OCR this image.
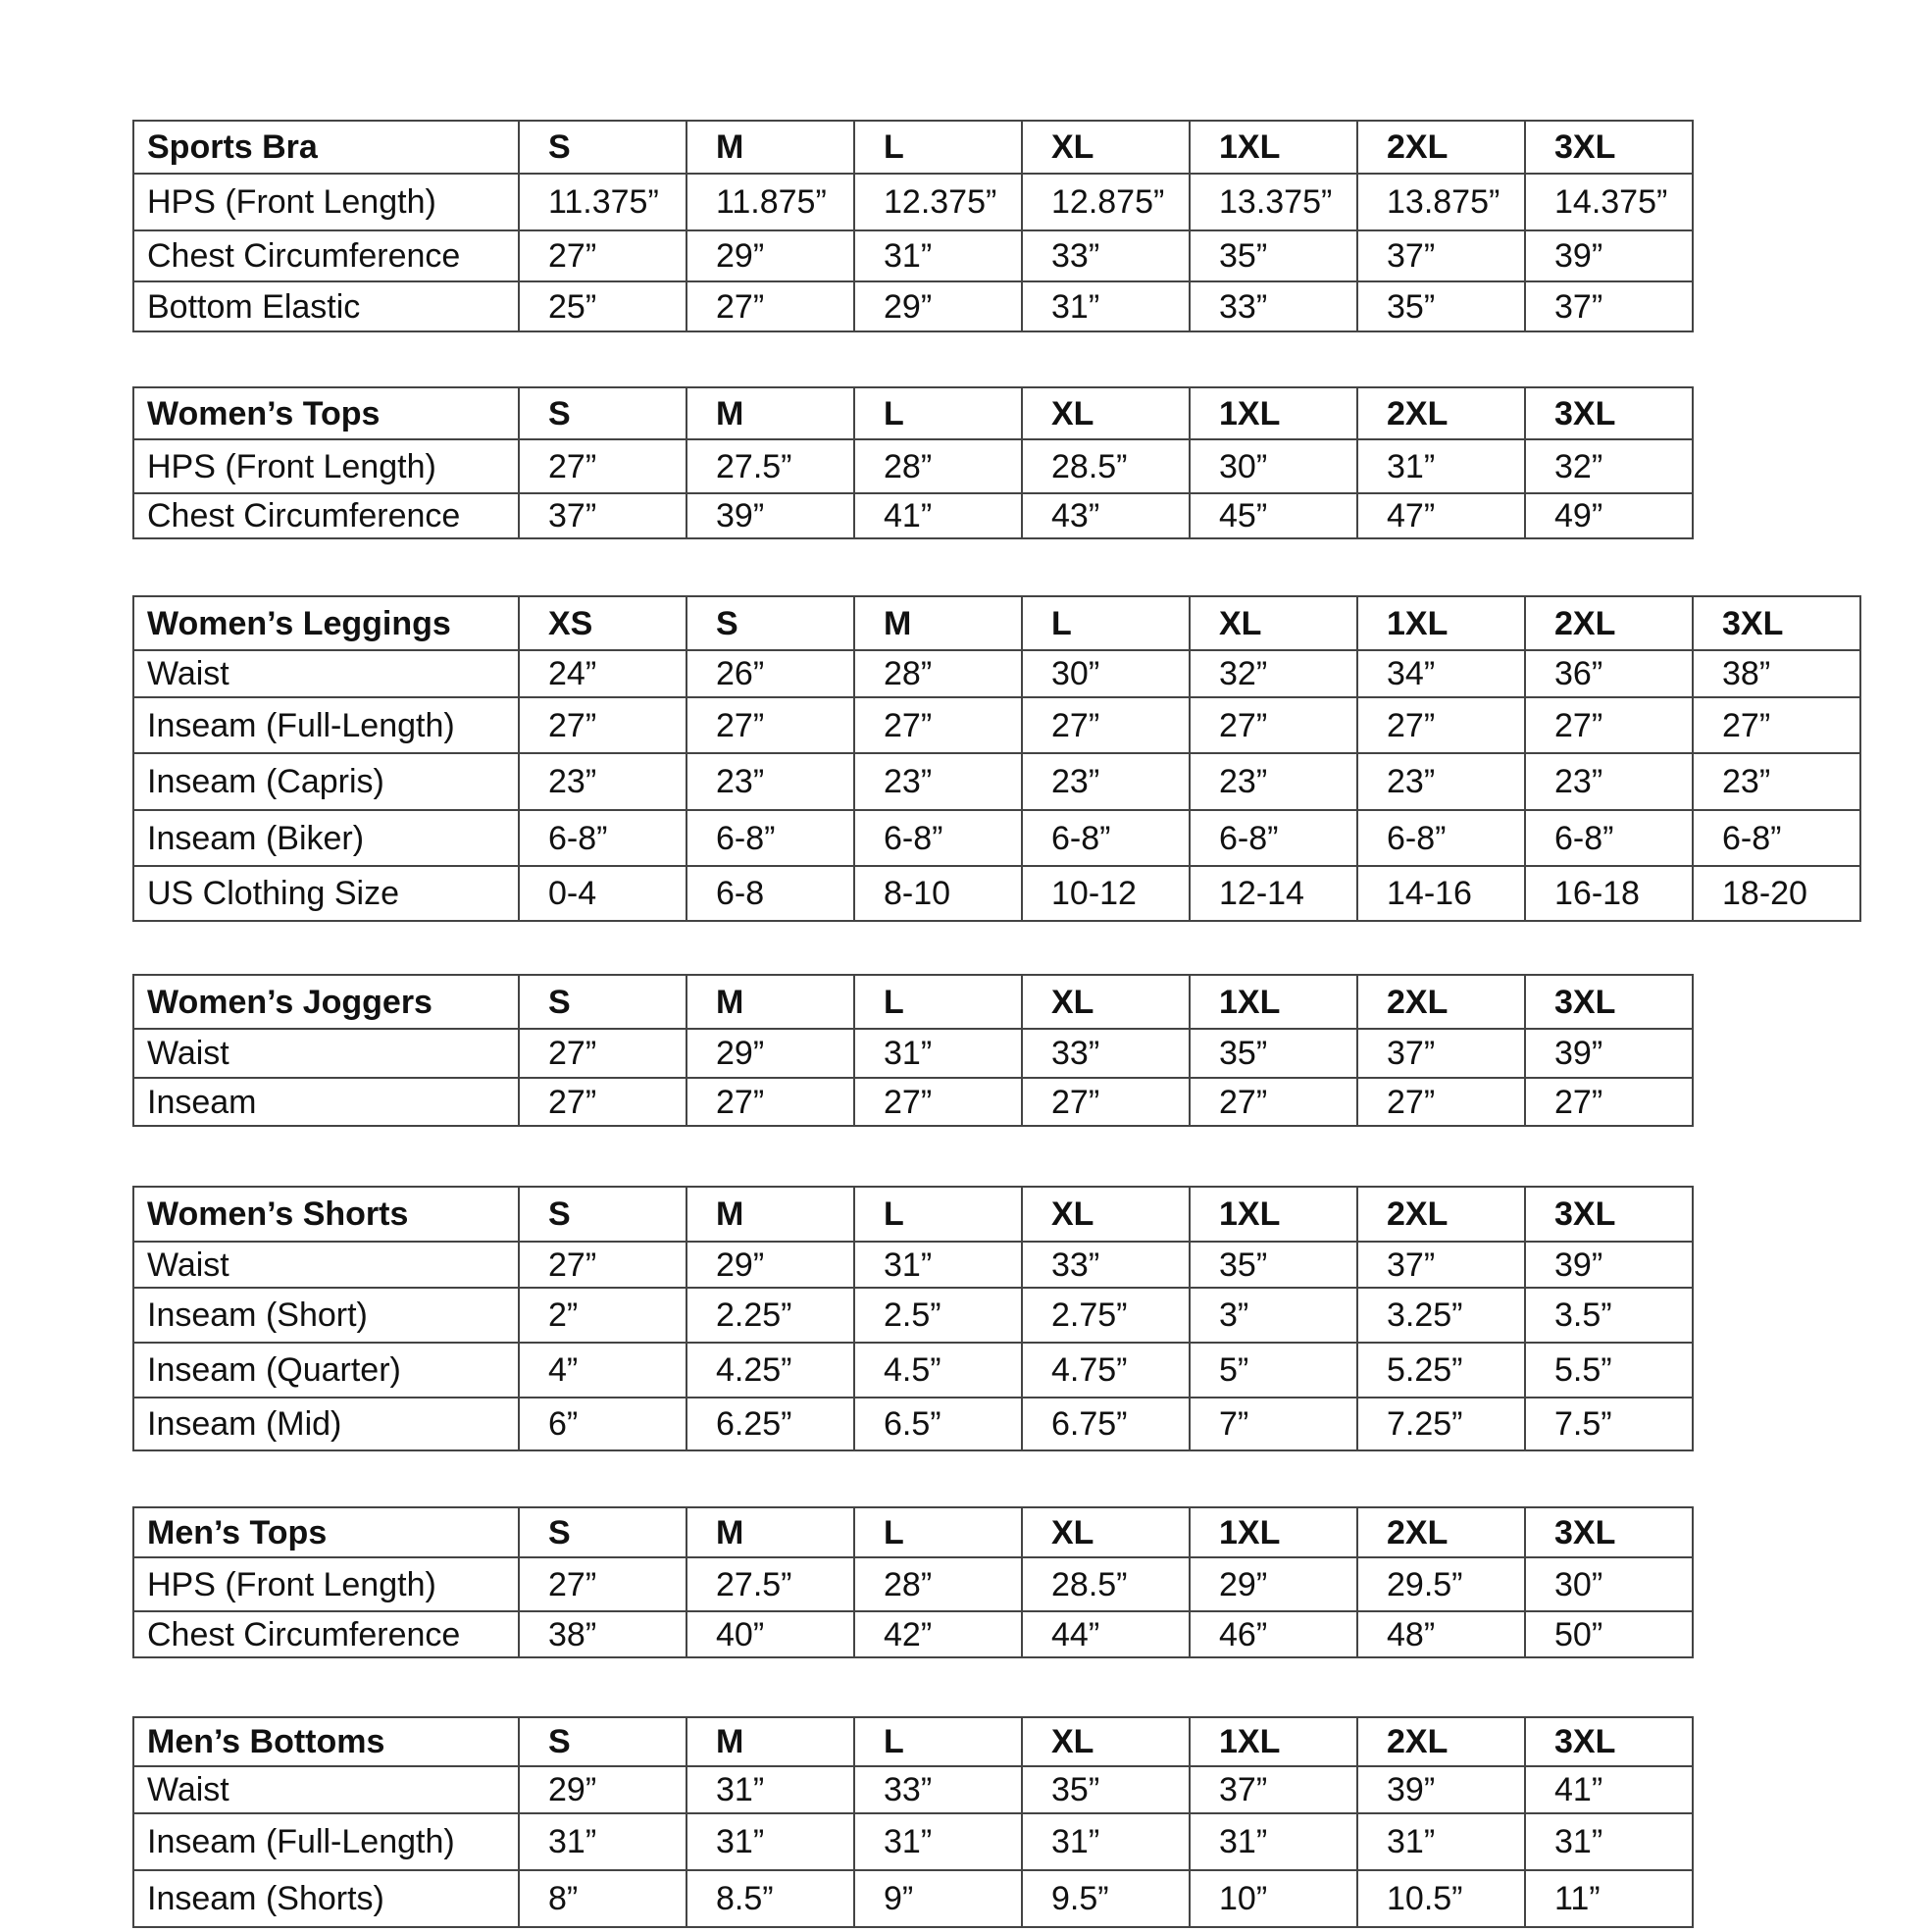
Sports Bra	S	M	L	XL	1XL	2XL	3XL
HPS (Front Length)	11.375”	11.875”	12.375”	12.875”	13.375”	13.875”	14.375”
Chest Circumference	27”	29”	31”	33”	35”	37”	39”
Bottom Elastic	25”	27”	29”	31”	33”	35”	37”
Women’s Tops	S	M	L	XL	1XL	2XL	3XL
HPS (Front Length)	27”	27.5”	28”	28.5”	30”	31”	32”
Chest Circumference	37”	39”	41”	43”	45”	47”	49”
Women’s Leggings	XS	S	M	L	XL	1XL	2XL	3XL
Waist	24”	26”	28”	30”	32”	34”	36”	38”
Inseam (Full-Length)	27”	27”	27”	27”	27”	27”	27”	27”
Inseam (Capris)	23”	23”	23”	23”	23”	23”	23”	23”
Inseam (Biker)	6-8”	6-8”	6-8”	6-8”	6-8”	6-8”	6-8”	6-8”
US Clothing Size	0-4	6-8	8-10	10-12	12-14	14-16	16-18	18-20
Women’s Joggers	S	M	L	XL	1XL	2XL	3XL
Waist	27”	29”	31”	33”	35”	37”	39”
Inseam	27”	27”	27”	27”	27”	27”	27”
Women’s Shorts	S	M	L	XL	1XL	2XL	3XL
Waist	27”	29”	31”	33”	35”	37”	39”
Inseam (Short)	2”	2.25”	2.5”	2.75”	3”	3.25”	3.5”
Inseam (Quarter)	4”	4.25”	4.5”	4.75”	5”	5.25”	5.5”
Inseam (Mid)	6”	6.25”	6.5”	6.75”	7”	7.25”	7.5”
Men’s Tops	S	M	L	XL	1XL	2XL	3XL
HPS (Front Length)	27”	27.5”	28”	28.5”	29”	29.5”	30”
Chest Circumference	38”	40”	42”	44”	46”	48”	50”
Men’s Bottoms	S	M	L	XL	1XL	2XL	3XL
Waist	29”	31”	33”	35”	37”	39”	41”
Inseam (Full-Length)	31”	31”	31”	31”	31”	31”	31”
Inseam (Shorts)	8”	8.5”	9”	9.5”	10”	10.5”	11”
